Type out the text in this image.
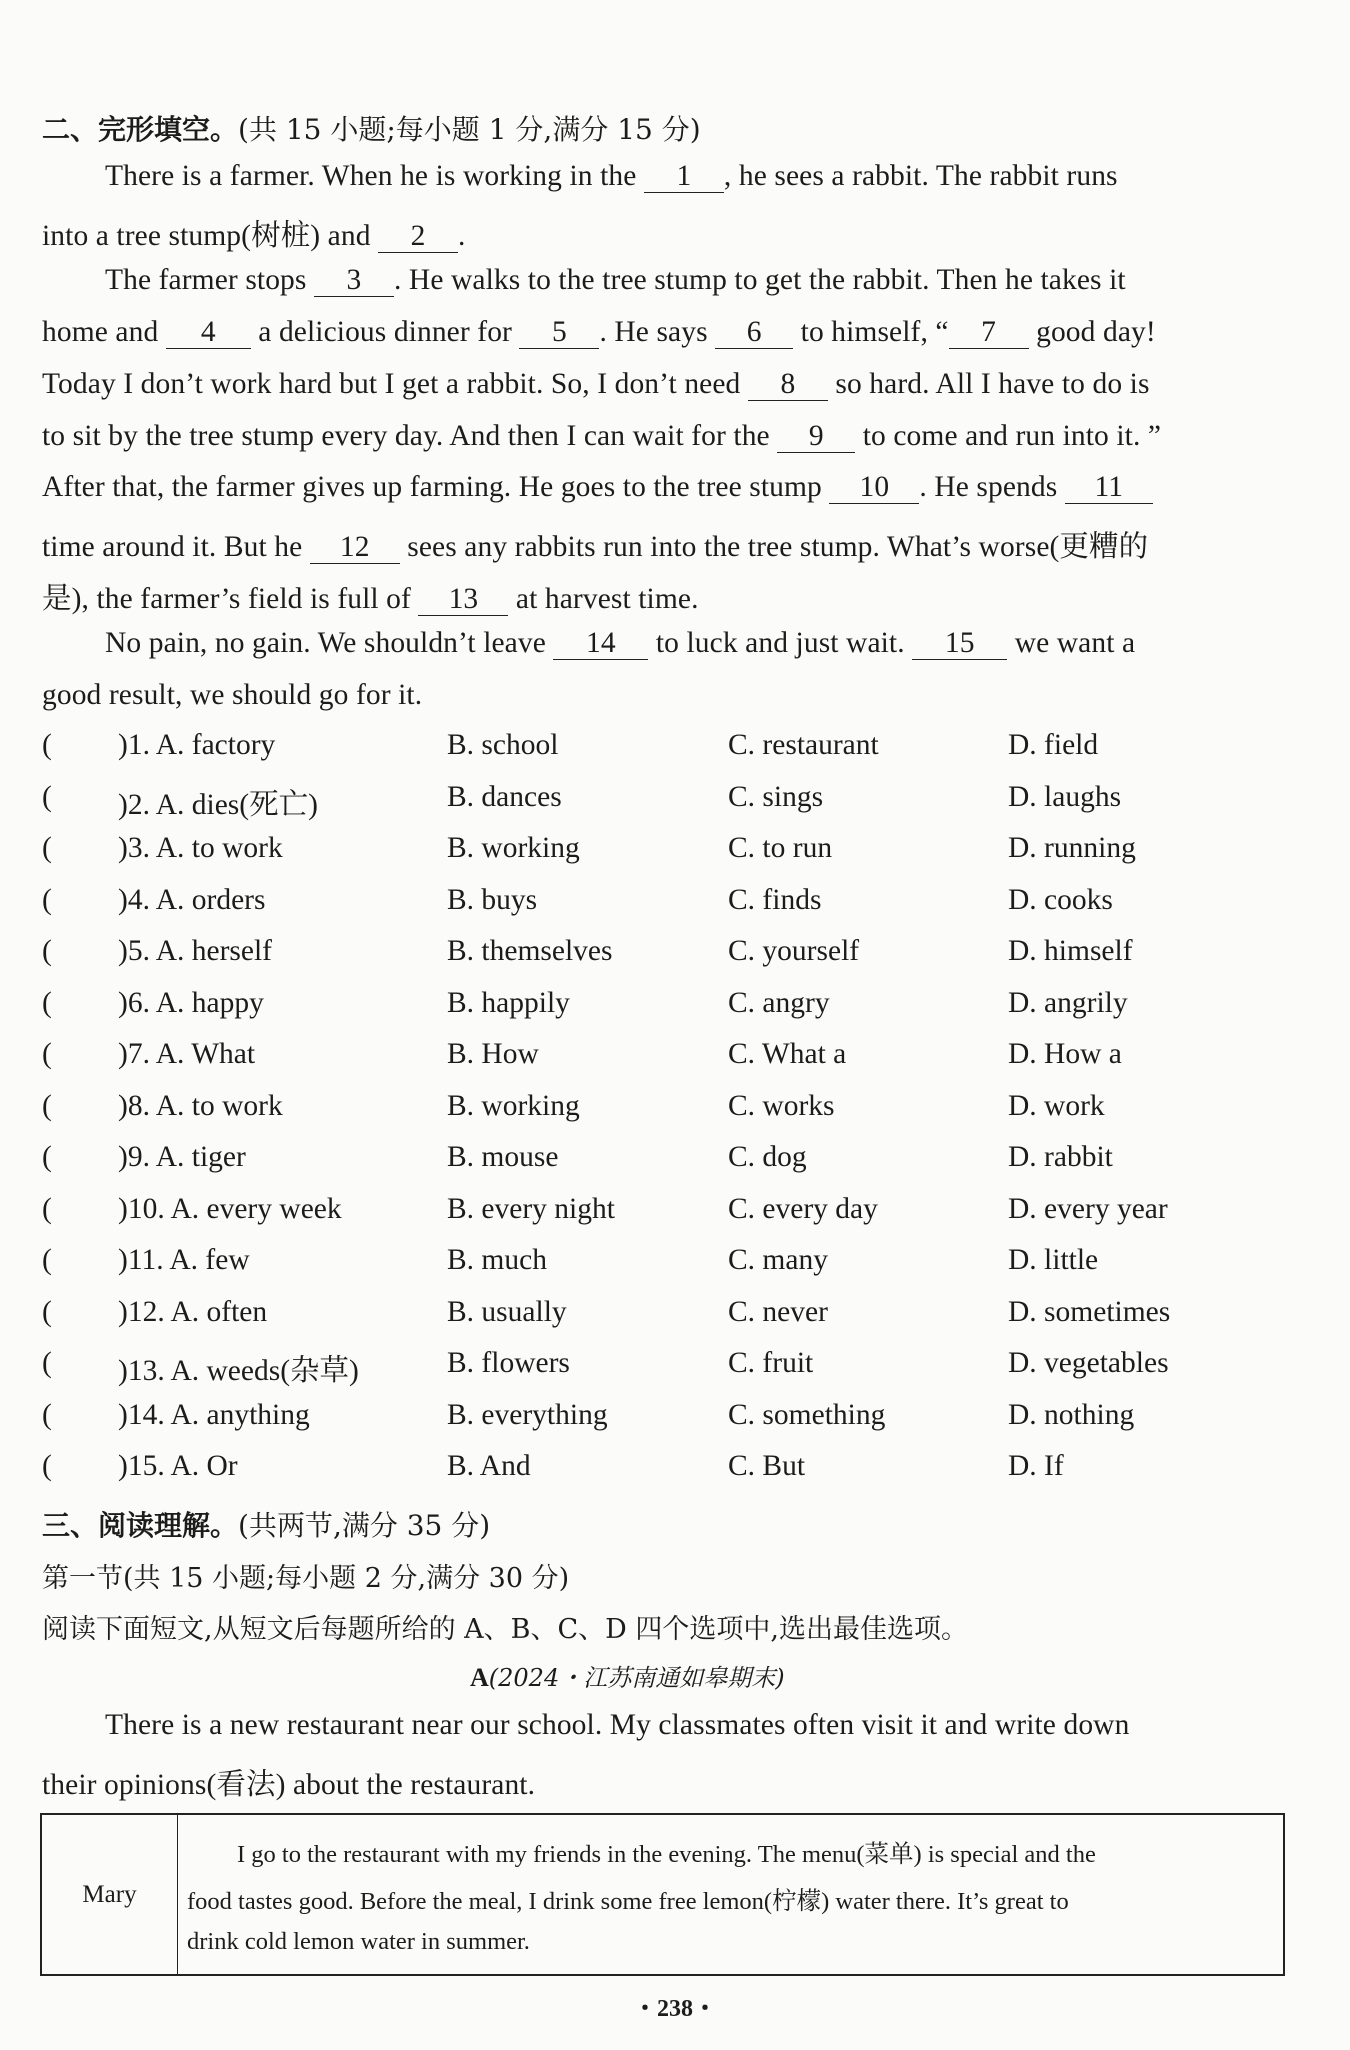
二、完形填空。(共 15 小题;每小题 1 分,满分 15 分)
There is a farmer. When he is working in the 1 , he sees a rabbit. The rabbit runs
into a tree stump(树桩) and 2 .
The farmer stops 3 . He walks to the tree stump to get the rabbit. Then he takes it
home and 4 a delicious dinner for 5 . He says 6 to himself, “ 7 good day!
Today I don’t work hard but I get a rabbit. So, I don’t need 8 so hard. All I have to do is
to sit by the tree stump every day. And then I can wait for the 9 to come and run into it. ”
After that, the farmer gives up farming. He goes to the tree stump 10 . He spends 11
time around it. But he 12 sees any rabbits run into the tree stump. What’s worse(更糟的
是), the farmer’s field is full of 13 at harvest time.
No pain, no gain. We shouldn’t leave 14 to luck and just wait. 15 we want a
good result, we should go for it.
( )1. A. factory	B. school	C. restaurant	D. field
( )2. A. dies(死亡)	B. dances	C. sings	D. laughs
( )3. A. to work	B. working	C. to run	D. running
( )4. A. orders	B. buys	C. finds	D. cooks
( )5. A. herself	B. themselves	C. yourself	D. himself
( )6. A. happy	B. happily	C. angry	D. angrily
( )7. A. What	B. How	C. What a	D. How a
( )8. A. to work	B. working	C. works	D. work
( )9. A. tiger	B. mouse	C. dog	D. rabbit
( )10. A. every week	B. every night	C. every day	D. every year
( )11. A. few	B. much	C. many	D. little
( )12. A. often	B. usually	C. never	D. sometimes
( )13. A. weeds(杂草)	B. flowers	C. fruit	D. vegetables
( )14. A. anything	B. everything	C. something	D. nothing
( )15. A. Or	B. And	C. But	D. If
三、阅读理解。(共两节,满分 35 分)
第一节(共 15 小题;每小题 2 分,满分 30 分)
阅读下面短文,从短文后每题所给的 A、B、C、D 四个选项中,选出最佳选项。
A(2024・江苏南通如皋期末)
There is a new restaurant near our school. My classmates often visit it and write down
their opinions(看法) about the restaurant.
Mary
I go to the restaurant with my friends in the evening. The menu(菜单) is special and the
food tastes good. Before the meal, I drink some free lemon(柠檬) water there. It’s great to
drink cold lemon water in summer.
・238・
